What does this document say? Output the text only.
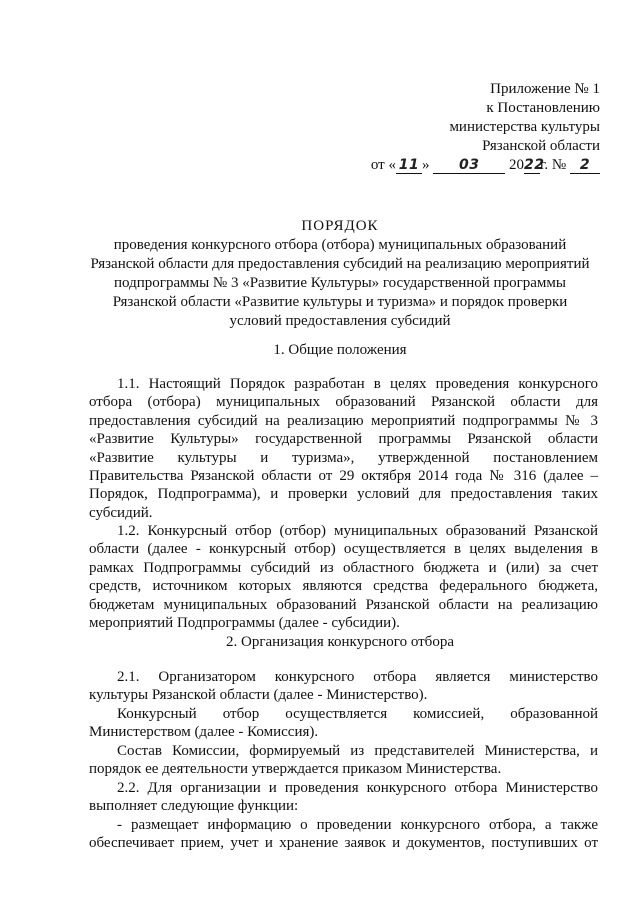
Приложение № 1
к Постановлению
министерства культуры
Рязанской области
от « 11 » 03 2022г. № 2
ПОРЯДОК
проведения конкурсного отбора (отбора) муниципальных образований
Рязанской области для предоставления субсидий на реализацию мероприятий
подпрограммы № 3 «Развитие Культуры» государственной программы
Рязанской области «Развитие культуры и туризма» и порядок проверки
условий предоставления субсидий
1. Общие положения
1.1. Настоящий Порядок разработан в целях проведения конкурсного
отбора (отбора) муниципальных образований Рязанской области для
предоставления субсидий на реализацию мероприятий подпрограммы № 3
«Развитие Культуры» государственной программы Рязанской области
«Развитие культуры и туризма», утвержденной постановлением
Правительства Рязанской области от 29 октября 2014 года № 316 (далее –
Порядок, Подпрограмма), и проверки условий для предоставления таких
субсидий.
1.2. Конкурсный отбор (отбор) муниципальных образований Рязанской
области (далее - конкурсный отбор) осуществляется в целях выделения в
рамках Подпрограммы субсидий из областного бюджета и (или) за счет
средств, источником которых являются средства федерального бюджета,
бюджетам муниципальных образований Рязанской области на реализацию
мероприятий Подпрограммы (далее - субсидии).
2. Организация конкурсного отбора
2.1. Организатором конкурсного отбора является министерство
культуры Рязанской области (далее - Министерство).
Конкурсный отбор осуществляется комиссией, образованной
Министерством (далее - Комиссия).
Состав Комиссии, формируемый из представителей Министерства, и
порядок ее деятельности утверждается приказом Министерства.
2.2. Для организации и проведения конкурсного отбора Министерство
выполняет следующие функции:
- размещает информацию о проведении конкурсного отбора, а также
обеспечивает прием, учет и хранение заявок и документов, поступивших от
